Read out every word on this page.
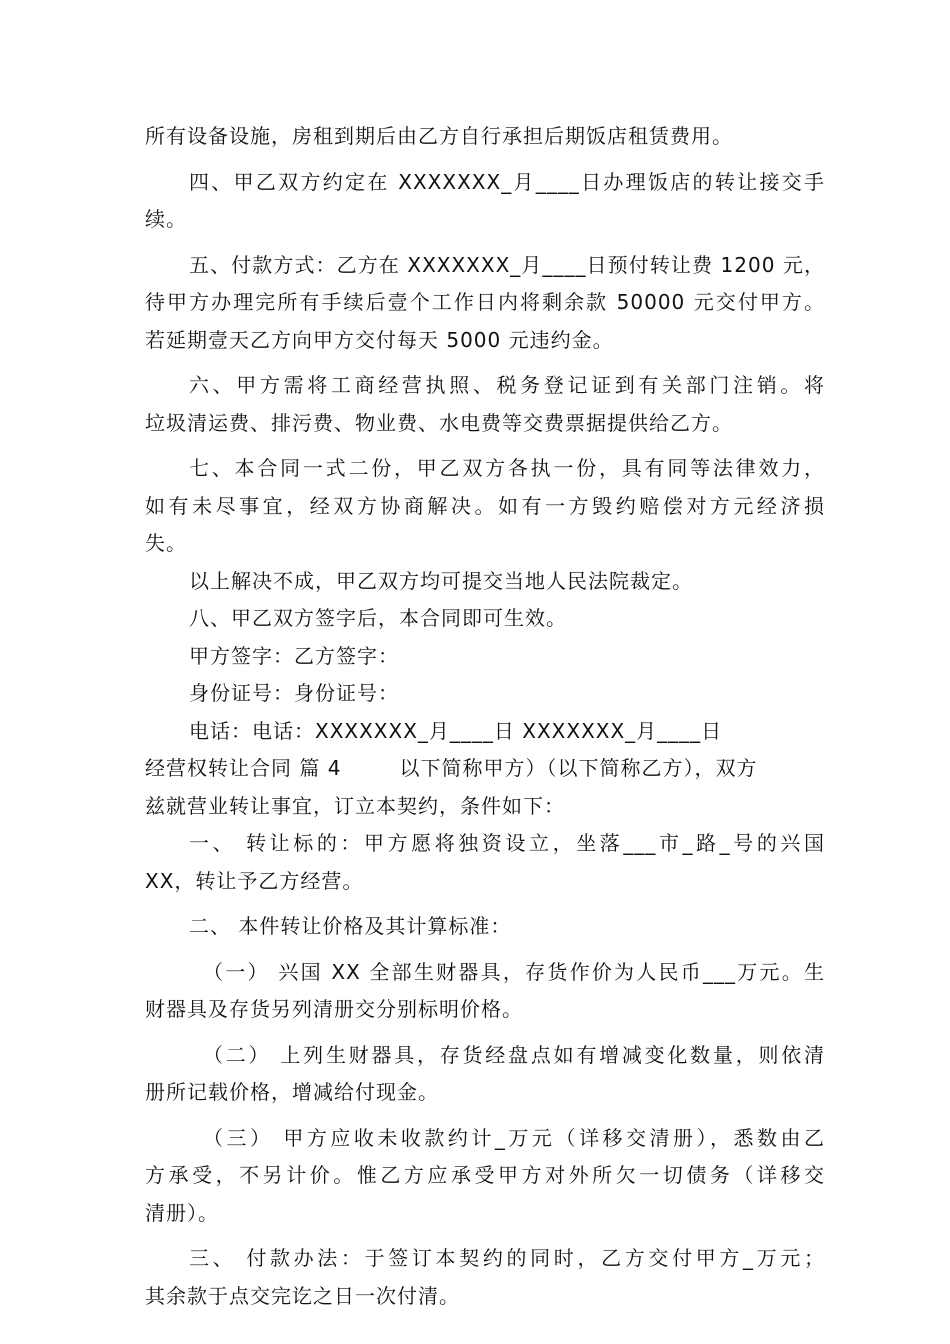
所有设备设施，房租到期后由乙方自行承担后期饭店租赁费用。
四、甲乙双方约定在 XXXXXXX_月____日办理饭店的转让接交手
续。
五、付款方式：乙方在 XXXXXXX_月____日预付转让费 1200 元，
待甲方办理完所有手续后壹个工作日内将剩余款 50000 元交付甲方。
若延期壹天乙方向甲方交付每天 5000 元违约金。
六、甲方需将工商经营执照、税务登记证到有关部门注销。将
垃圾清运费、排污费、物业费、水电费等交费票据提供给乙方。
七、本合同一式二份，甲乙双方各执一份，具有同等法律效力，
如有未尽事宜，经双方协商解决。如有一方毁约赔偿对方元经济损
失。
以上解决不成，甲乙双方均可提交当地人民法院裁定。
八、甲乙双方签字后，本合同即可生效。
甲方签字：乙方签字：
身份证号：身份证号：
电话：电话：XXXXXXX_月____日 XXXXXXX_月____日
经营权转让合同 篇 4	以下简称甲方）（以下简称乙方），双方
兹就营业转让事宜，订立本契约，条件如下：
一、 转让标的：甲方愿将独资设立，坐落___市_路_号的兴国
XX，转让予乙方经营。
二、 本件转让价格及其计算标准：
（一） 兴国 XX 全部生财器具，存货作价为人民币___万元。生
财器具及存货另列清册交分别标明价格。
（二） 上列生财器具，存货经盘点如有增减变化数量，则依清
册所记载价格，增减给付现金。
（三） 甲方应收未收款约计_万元（详移交清册），悉数由乙
方承受，不另计价。惟乙方应承受甲方对外所欠一切债务（详移交
清册）。
三、 付款办法：于签订本契约的同时，乙方交付甲方_万元；
其余款于点交完讫之日一次付清。
